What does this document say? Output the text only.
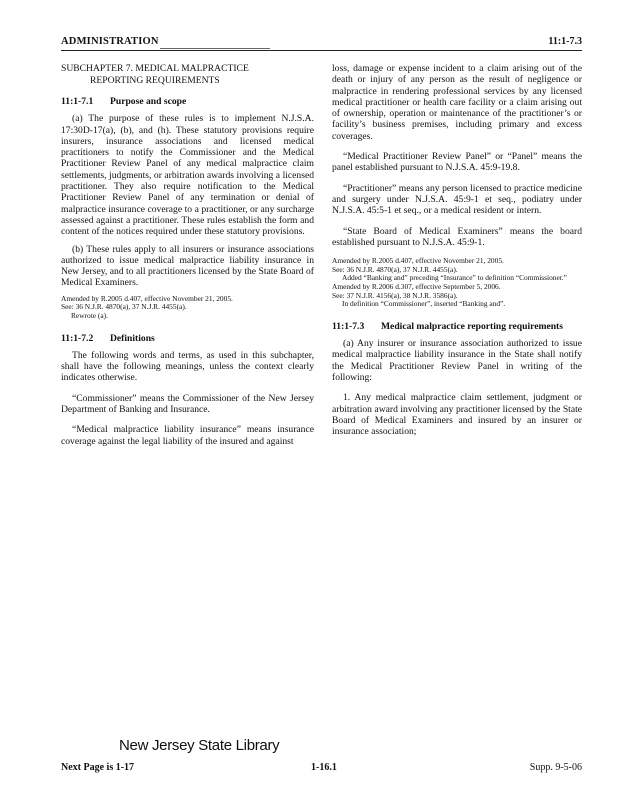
ADMINISTRATION	11:1-7.3
SUBCHAPTER 7. MEDICAL MALPRACTICE
REPORTING REQUIREMENTS
11:1-7.1 Purpose and scope

(a) The purpose of these rules is to implement N.J.S.A. 17:30D-17(a), (b), and (h). These statutory provisions require insurers, insurance associations and licensed medical practitioners to notify the Commissioner and the Medical Practitioner Review Panel of any medical malpractice claim settlements, judgments, or arbitration awards involving a licensed practitioner. They also require notification to the Medical Practitioner Review Panel of any termination or denial of malpractice insurance coverage to a practitioner, or any surcharge assessed against a practitioner. These rules establish the form and content of the notices required under these statutory provisions.

(b) These rules apply to all insurers or insurance associations authorized to issue medical malpractice liability insurance in New Jersey, and to all practitioners licensed by the State Board of Medical Examiners.

Amended by R.2005 d.407, effective November 21, 2005.
See: 36 N.J.R. 4870(a), 37 N.J.R. 4455(a).
Rewrote (a).
11:1-7.2 Definitions

The following words and terms, as used in this subchapter, shall have the following meanings, unless the context clearly indicates otherwise.

“Commissioner” means the Commissioner of the New Jersey Department of Banking and Insurance.

“Medical malpractice liability insurance” means insurance coverage against the legal liability of the insured and against

loss, damage or expense incident to a claim arising out of the death or injury of any person as the result of negligence or malpractice in rendering professional services by any licensed medical practitioner or health care facility or a claim arising out of ownership, operation or maintenance of the practitioner’s or facility’s business premises, including primary and excess coverages.

“Medical Practitioner Review Panel” or “Panel” means the panel established pursuant to N.J.S.A. 45:9-19.8.

“Practitioner” means any person licensed to practice medicine and surgery under N.J.S.A. 45:9-1 et seq., podiatry under N.J.S.A. 45:5-1 et seq., or a medical resident or intern.

“State Board of Medical Examiners” means the board established pursuant to N.J.S.A. 45:9-1.

Amended by R.2005 d.407, effective November 21, 2005.
See: 36 N.J.R. 4870(a), 37 N.J.R. 4455(a).
Added “Banking and” preceding “Insurance” to definition “Commissioner.”
Amended by R.2006 d.307, effective September 5, 2006.
See: 37 N.J.R. 4156(a), 38 N.J.R. 3586(a).
In definition “Commissioner”, inserted “Banking and”.
11:1-7.3 Medical malpractice reporting requirements

(a) Any insurer or insurance association authorized to issue medical malpractice liability insurance in the State shall notify the Medical Practitioner Review Panel in writing of the following:

1. Any medical malpractice claim settlement, judgment or arbitration award involving any practitioner licensed by the State Board of Medical Examiners and insured by an insurer or insurance association;

New Jersey State Library
Next Page is 1-17	1-16.1	Supp. 9-5-06
